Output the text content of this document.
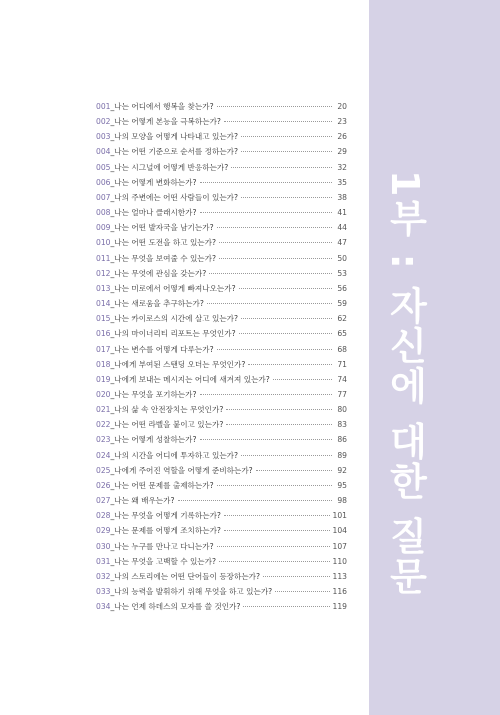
1부 : 자신에 대한 질문
001 _ 나는 어디에서 행복을 찾는가?	20
002 _ 나는 어떻게 본능을 극복하는가?	23
003 _ 나의 모양을 어떻게 나타내고 있는가?	26
004 _ 나는 어떤 기준으로 순서를 정하는가?	29
005 _ 나는 시그널에 어떻게 반응하는가?	32
006 _ 나는 어떻게 변화하는가?	35
007 _ 나의 주변에는 어떤 사람들이 있는가?	38
008 _ 나는 얼마나 클래시한가?	41
009 _ 나는 어떤 발자국을 남기는가?	44
010 _ 나는 어떤 도전을 하고 있는가?	47
011 _ 나는 무엇을 보여줄 수 있는가?	50
012 _ 나는 무엇에 관심을 갖는가?	53
013 _ 나는 미로에서 어떻게 빠져나오는가?	56
014 _ 나는 새로움을 추구하는가?	59
015 _ 나는 카이로스의 시간에 살고 있는가?	62
016 _ 나의 마이너리티 리포트는 무엇인가?	65
017 _ 나는 변수를 어떻게 다루는가?	68
018 _ 나에게 부여된 스탠딩 오더는 무엇인가?	71
019 _ 나에게 보내는 메시지는 어디에 새겨져 있는가?	74
020 _ 나는 무엇을 포기하는가?	77
021 _ 나의 삶 속 안전장치는 무엇인가?	80
022 _ 나는 어떤 라벨을 붙이고 있는가?	83
023 _ 나는 어떻게 성찰하는가?	86
024 _ 나의 시간을 어디에 투자하고 있는가?	89
025 _ 나에게 주어진 역할을 어떻게 준비하는가?	92
026 _ 나는 어떤 문제를 출제하는가?	95
027 _ 나는 왜 배우는가?	98
028 _ 나는 무엇을 어떻게 기록하는가?	101
029 _ 나는 문제를 어떻게 조치하는가?	104
030 _ 나는 누구를 만나고 다니는가?	107
031 _ 나는 무엇을 고백할 수 있는가?	110
032 _ 나의 스토리에는 어떤 단어들이 등장하는가?	113
033 _ 나의 능력을 발휘하기 위해 무엇을 하고 있는가?	116
034 _ 나는 언제 하데스의 모자를 쓸 것인가?	119
